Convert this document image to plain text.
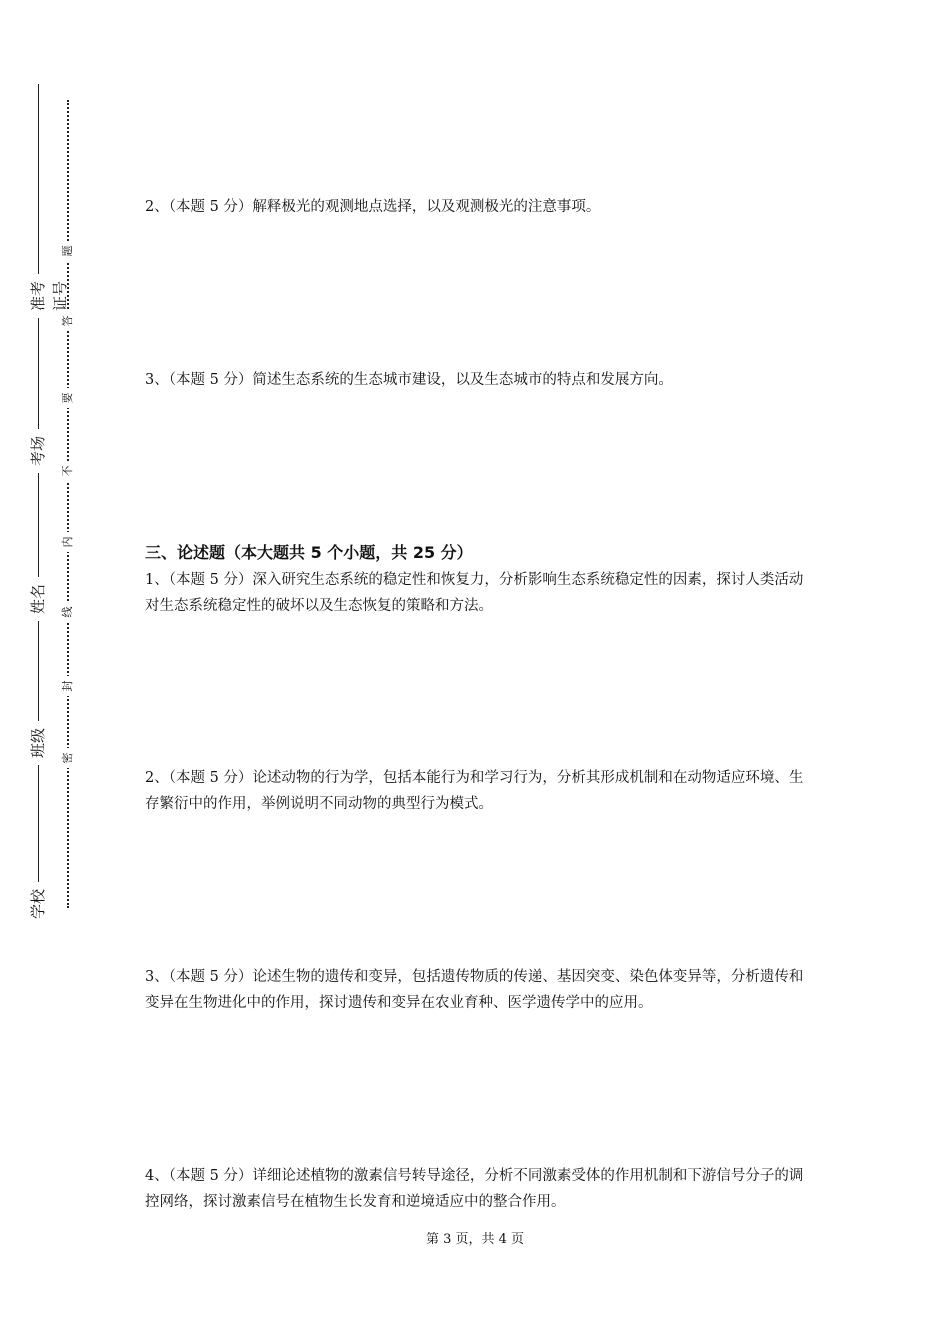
准考证号
考场
姓名
班级
学校
题
答
要
不
内
线
封
密

2、（本题 5 分）解释极光的观测地点选择，以及观测极光的注意事项。

3、（本题 5 分）简述生态系统的生态城市建设，以及生态城市的特点和发展方向。

三、论述题（本大题共 5 个小题，共 25 分）

1、（本题 5 分）深入研究生态系统的稳定性和恢复力，分析影响生态系统稳定性的因素，探讨人类活动对生态系统稳定性的破坏以及生态恢复的策略和方法。

2、（本题 5 分）论述动物的行为学，包括本能行为和学习行为，分析其形成机制和在动物适应环境、生存繁衍中的作用，举例说明不同动物的典型行为模式。

3、（本题 5 分）论述生物的遗传和变异，包括遗传物质的传递、基因突变、染色体变异等，分析遗传和变异在生物进化中的作用，探讨遗传和变异在农业育种、医学遗传学中的应用。

4、（本题 5 分）详细论述植物的激素信号转导途径，分析不同激素受体的作用机制和下游信号分子的调控网络，探讨激素信号在植物生长发育和逆境适应中的整合作用。

第 3 页，共 4 页
